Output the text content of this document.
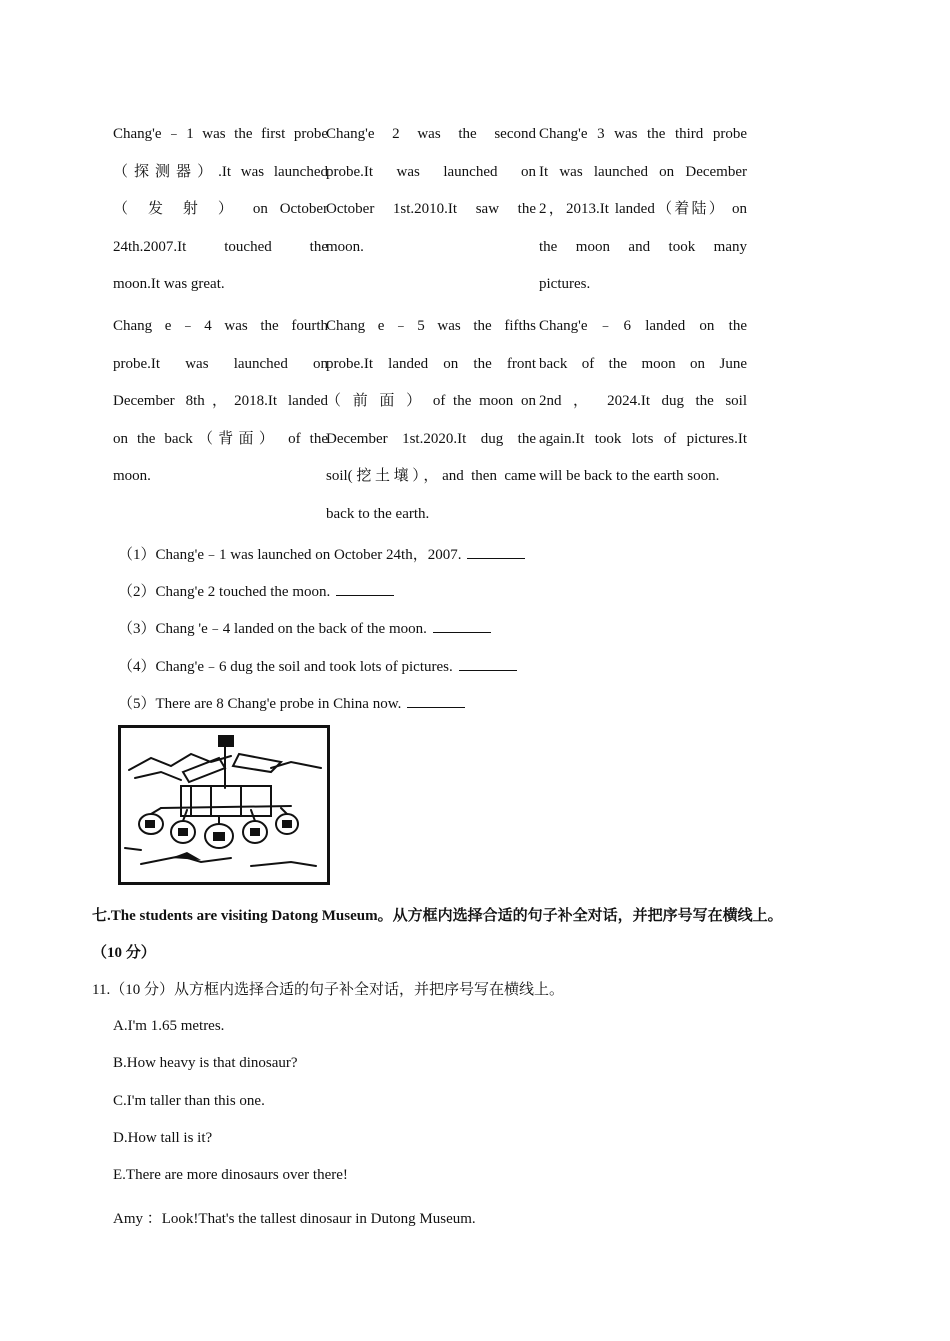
Chang'e﹣1 was the first probe
（探测器）.It was launched
（ 发 射 ） on October
24th.2007.It touched the
moon.It was great.
Chang'e 2 was the second
probe.It was launched on
October 1st.2010.It saw the
moon.
Chang'e 3 was the third probe
It was launched on December
2，2013.It landed（着陆） on
the moon and took many
pictures.
Chang e﹣4 was the fourth
probe.It was launched on
December 8th，2018.It landed
on the back（背面） of the
moon.
Chang e﹣5 was the fifths
probe.It landed on the front
（ 前 面 ） of the moon on
December 1st.2020.It dug the
soil(挖土壤），and then came
back to the earth.
Chang'e﹣6 landed on the
back of the moon on June
2nd ， 2024.It dug the soil
again.It took lots of pictures.It
will be back to the earth soon.
（1）Chang'e﹣1 was launched on October 24th，2007.
（2）Chang'e 2 touched the moon.
（3）Chang 'e﹣4 landed on the back of the moon.
（4）Chang'e﹣6 dug the soil and took lots of pictures.
（5）There are 8 Chang'e probe in China now.
七.The students are visiting Datong Museum。从方框内选择合适的句子补全对话，并把序号写在横线上。
（10 分）
11.（10 分）从方框内选择合适的句子补全对话，并把序号写在横线上。
A.I'm 1.65 metres.
B.How heavy is that dinosaur?
C.I'm taller than this one.
D.How tall is it?
E.There are more dinosaurs over there!
Amy ：Look!That's the tallest dinosaur in Dutong Museum.
